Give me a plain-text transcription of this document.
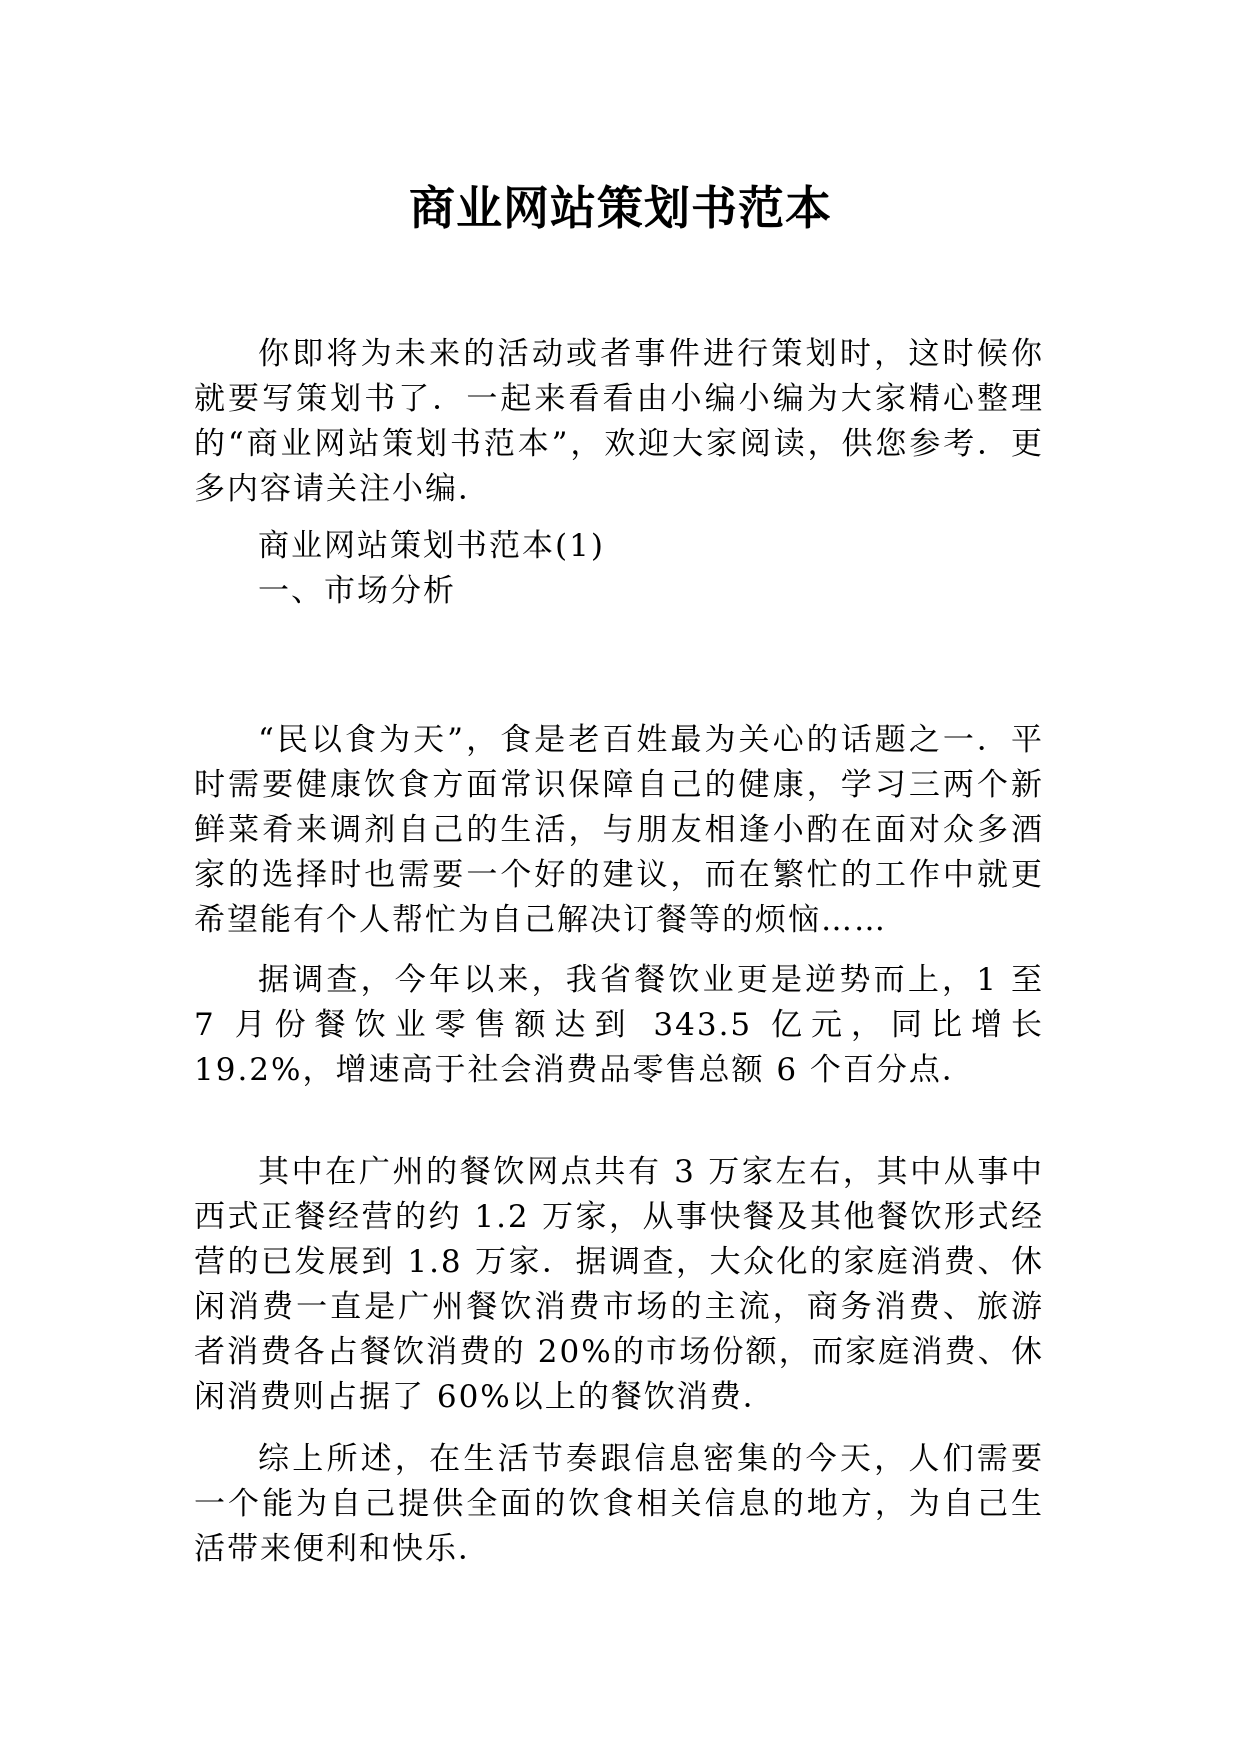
商业网站策划书范本

你即将为未来的活动或者事件进行策划时，这时候你就要写策划书了．一起来看看由小编小编为大家精心整理的“商业网站策划书范本”，欢迎大家阅读，供您参考．更多内容请关注小编．

商业网站策划书范本(1)

一、市场分析

“民以食为天”，食是老百姓最为关心的话题之一．平时需要健康饮食方面常识保障自己的健康，学习三两个新鲜菜肴来调剂自己的生活，与朋友相逢小酌在面对众多酒家的选择时也需要一个好的建议，而在繁忙的工作中就更希望能有个人帮忙为自己解决订餐等的烦恼……

据调查，今年以来，我省餐饮业更是逆势而上，1 至 7 月份餐饮业零售额达到 343.5 亿元，同比增长 19.2%，增速高于社会消费品零售总额 6 个百分点．

其中在广州的餐饮网点共有 3 万家左右，其中从事中西式正餐经营的约 1.2 万家，从事快餐及其他餐饮形式经营的已发展到 1.8 万家．据调查，大众化的家庭消费、休闲消费一直是广州餐饮消费市场的主流，商务消费、旅游者消费各占餐饮消费的 20%的市场份额，而家庭消费、休闲消费则占据了 60%以上的餐饮消费．

综上所述，在生活节奏跟信息密集的今天，人们需要一个能为自己提供全面的饮食相关信息的地方，为自己生活带来便利和快乐．
